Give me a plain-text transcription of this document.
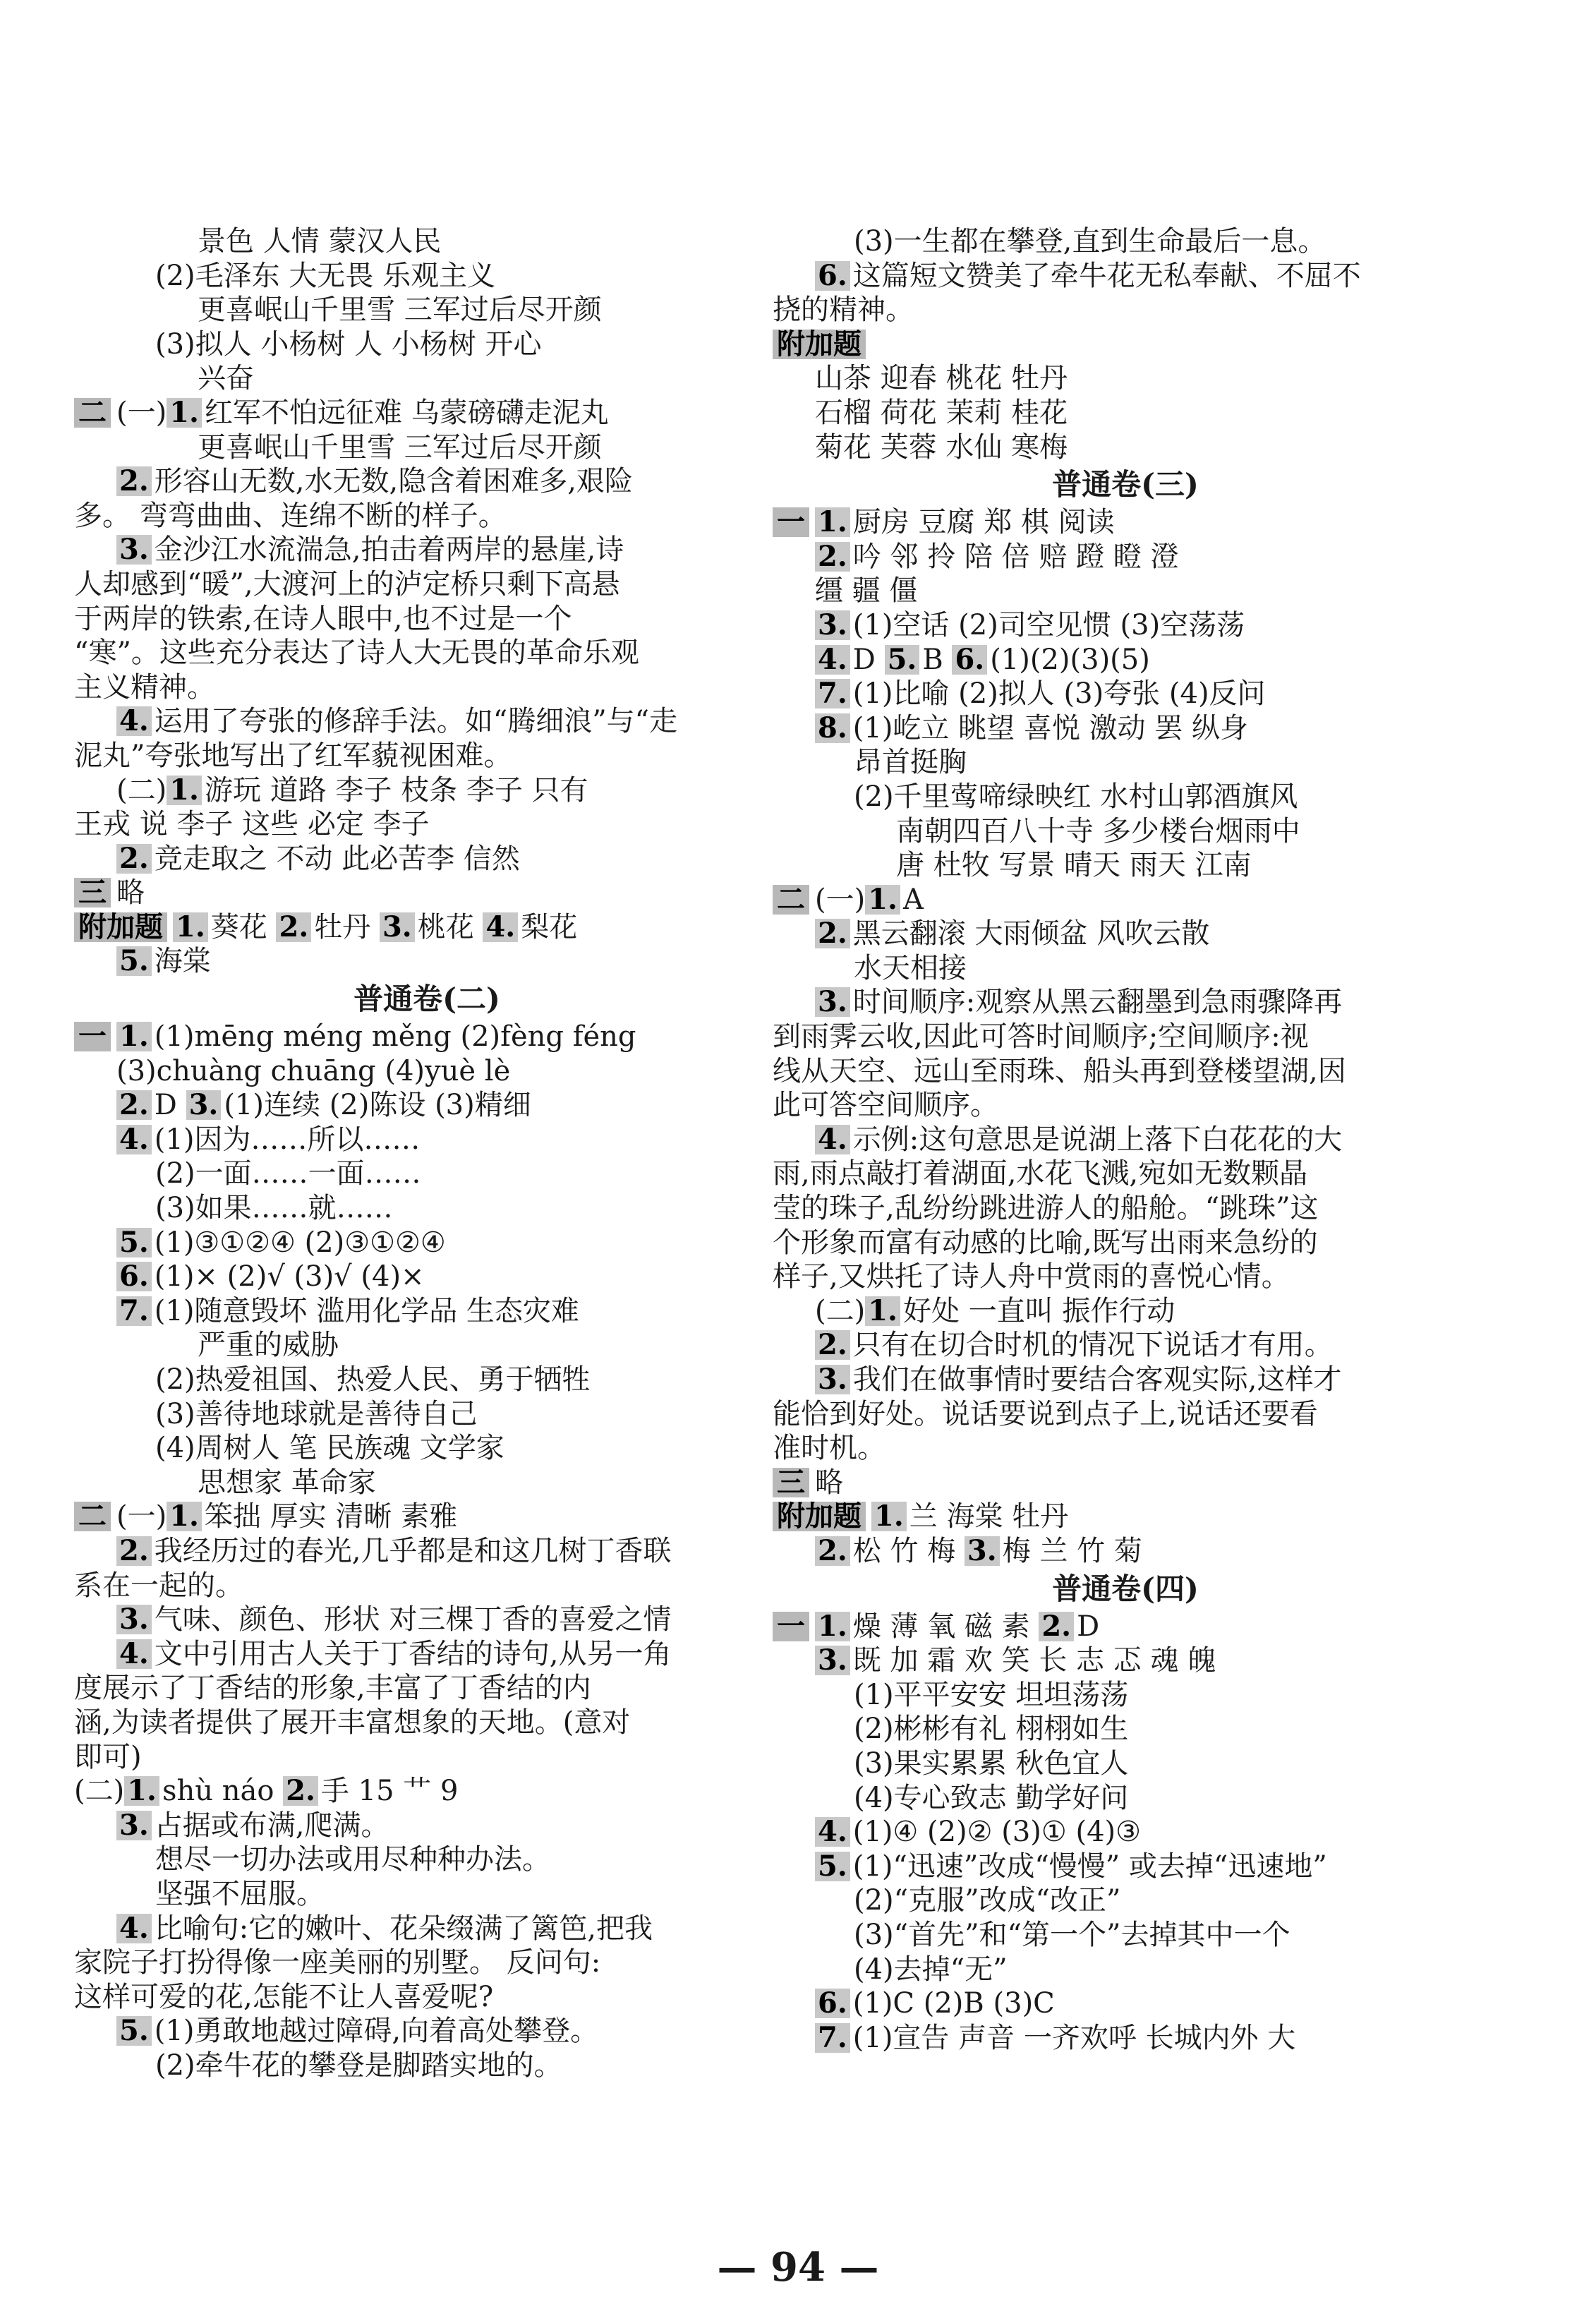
景色 人情 蒙汉人民
(2)毛泽东 大无畏 乐观主义
更喜岷山千里雪 三军过后尽开颜
(3)拟人 小杨树 人 小杨树 开心
兴奋
二 (一) 1. 红军不怕远征难 乌蒙磅礴走泥丸
更喜岷山千里雪 三军过后尽开颜
2. 形容山无数,水无数,隐含着困难多,艰险
多。 弯弯曲曲、连绵不断的样子。
3. 金沙江水流湍急,拍击着两岸的悬崖,诗
人却感到“暖”,大渡河上的泸定桥只剩下高悬
于两岸的铁索,在诗人眼中,也不过是一个
“寒”。这些充分表达了诗人大无畏的革命乐观
主义精神。
4. 运用了夸张的修辞手法。如“腾细浪”与“走
泥丸”夸张地写出了红军藐视困难。
(二) 1. 游玩 道路 李子 枝条 李子 只有
王戎 说 李子 这些 必定 李子
2. 竞走取之 不动 此必苦李 信然
三 略
附加题 1. 葵花 2. 牡丹 3. 桃花 4. 梨花
5. 海棠
普通卷(二)
一 1. (1)mēng méng měng (2)fèng féng
(3)chuàng chuāng (4)yuè lè
2. D 3. (1)连续 (2)陈设 (3)精细
4. (1)因为……所以……
(2)一面……一面……
(3)如果……就……
5. (1)③①②④ (2)③①②④
6. (1)× (2)√ (3)√ (4)×
7. (1)随意毁坏 滥用化学品 生态灾难
严重的威胁
(2)热爱祖国、热爱人民、勇于牺牲
(3)善待地球就是善待自己
(4)周树人 笔 民族魂 文学家
思想家 革命家
二 (一) 1. 笨拙 厚实 清晰 素雅
2. 我经历过的春光,几乎都是和这几树丁香联
系在一起的。
3. 气味、颜色、形状 对三棵丁香的喜爱之情
4. 文中引用古人关于丁香结的诗句,从另一角
度展示了丁香结的形象,丰富了丁香结的内
涵,为读者提供了展开丰富想象的天地。(意对
即可)
(二) 1. shù náo 2. 手 15 艹 9
3. 占据或布满,爬满。
想尽一切办法或用尽种种办法。
坚强不屈服。
4. 比喻句:它的嫩叶、花朵缀满了篱笆,把我
家院子打扮得像一座美丽的别墅。 反问句:
这样可爱的花,怎能不让人喜爱呢?
5. (1)勇敢地越过障碍,向着高处攀登。
(2)牵牛花的攀登是脚踏实地的。
(3)一生都在攀登,直到生命最后一息。
6. 这篇短文赞美了牵牛花无私奉献、不屈不
挠的精神。
附加题
山茶 迎春 桃花 牡丹
石榴 荷花 茉莉 桂花
菊花 芙蓉 水仙 寒梅
普通卷(三)
一 1. 厨房 豆腐 郑 棋 阅读
2. 吟 邻 拎 陪 倍 赔 蹬 瞪 澄
缰 疆 僵
3. (1)空话 (2)司空见惯 (3)空荡荡
4. D 5. B 6. (1)(2)(3)(5)
7. (1)比喻 (2)拟人 (3)夸张 (4)反问
8. (1)屹立 眺望 喜悦 激动 罢 纵身
昂首挺胸
(2)千里莺啼绿映红 水村山郭酒旗风
南朝四百八十寺 多少楼台烟雨中
唐 杜牧 写景 晴天 雨天 江南
二 (一) 1. A
2. 黑云翻滚 大雨倾盆 风吹云散
水天相接
3. 时间顺序:观察从黑云翻墨到急雨骤降再
到雨霁云收,因此可答时间顺序;空间顺序:视
线从天空、远山至雨珠、船头再到登楼望湖,因
此可答空间顺序。
4. 示例:这句意思是说湖上落下白花花的大
雨,雨点敲打着湖面,水花飞溅,宛如无数颗晶
莹的珠子,乱纷纷跳进游人的船舱。“跳珠”这
个形象而富有动感的比喻,既写出雨来急纷的
样子,又烘托了诗人舟中赏雨的喜悦心情。
(二) 1. 好处 一直叫 振作行动
2. 只有在切合时机的情况下说话才有用。
3. 我们在做事情时要结合客观实际,这样才
能恰到好处。说话要说到点子上,说话还要看
准时机。
三 略
附加题 1. 兰 海棠 牡丹
2. 松 竹 梅 3. 梅 兰 竹 菊
普通卷(四)
一 1. 燥 薄 氧 磁 素 2. D
3. 既 加 霜 欢 笑 长 志 忑 魂 魄
(1)平平安安 坦坦荡荡
(2)彬彬有礼 栩栩如生
(3)果实累累 秋色宜人
(4)专心致志 勤学好问
4. (1)④ (2)② (3)① (4)③
5. (1)“迅速”改成“慢慢” 或去掉“迅速地”
(2)“克服”改成“改正”
(3)“首先”和“第一个”去掉其中一个
(4)去掉“无”
6. (1)C (2)B (3)C
7. (1)宣告 声音 一齐欢呼 长城内外 大
— 94 —
